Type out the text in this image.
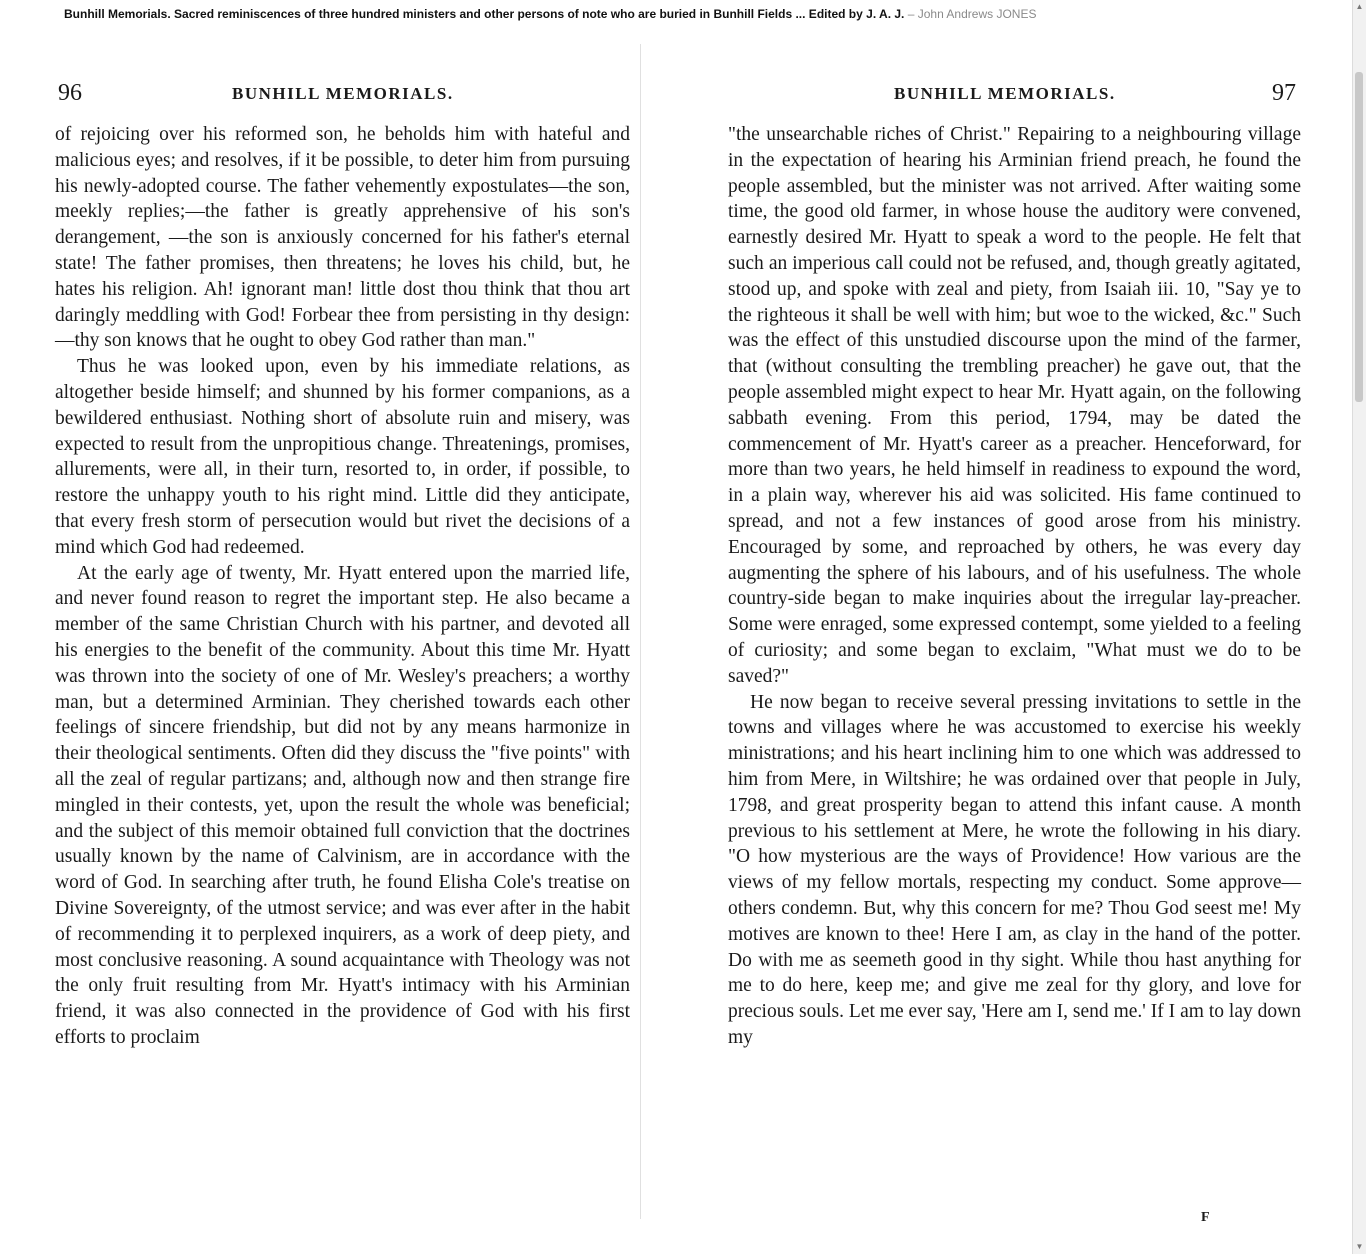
Bunhill Memorials. Sacred reminiscences of three hundred ministers and other persons of note who are buried in Bunhill Fields ... Edited by J. A. J. – John Andrews JONES
▲
▼
96	BUNHILL MEMORIALS.

of rejoicing over his reformed son, he beholds him with hateful and malicious eyes; and resolves, if it be possible, to deter him from pursuing his newly-adopted course. The father vehemently expostulates—the son, meekly replies;—the father is greatly apprehensive of his son's derangement, —the son is anxiously concerned for his father's eternal state! The father promises, then threatens; he loves his child, but, he hates his religion. Ah! ignorant man! little dost thou think that thou art daringly meddling with God! Forbear thee from persisting in thy design:—thy son knows that he ought to obey God rather than man."

Thus he was looked upon, even by his immediate relations, as altogether beside himself; and shunned by his former companions, as a bewildered enthusiast. Nothing short of absolute ruin and misery, was expected to result from the unpropitious change. Threatenings, promises, allurements, were all, in their turn, resorted to, in order, if possible, to restore the unhappy youth to his right mind. Little did they anticipate, that every fresh storm of persecution would but rivet the decisions of a mind which God had redeemed.

At the early age of twenty, Mr. Hyatt entered upon the married life, and never found reason to regret the important step. He also became a member of the same Christian Church with his partner, and devoted all his energies to the benefit of the community. About this time Mr. Hyatt was thrown into the society of one of Mr. Wesley's preachers; a worthy man, but a determined Arminian. They cherished towards each other feelings of sincere friendship, but did not by any means harmonize in their theological sentiments. Often did they discuss the "five points" with all the zeal of regular partizans; and, although now and then strange fire mingled in their contests, yet, upon the result the whole was beneficial; and the subject of this memoir obtained full conviction that the doctrines usually known by the name of Calvinism, are in accordance with the word of God. In searching after truth, he found Elisha Cole's treatise on Divine Sovereignty, of the utmost service; and was ever after in the habit of recommending it to perplexed inquirers, as a work of deep piety, and most conclusive reasoning. A sound acquaintance with Theology was not the only fruit resulting from Mr. Hyatt's intimacy with his Arminian friend, it was also connected in the providence of God with his first efforts to proclaim

BUNHILL MEMORIALS.	97

"the unsearchable riches of Christ." Repairing to a neighbouring village in the expectation of hearing his Arminian friend preach, he found the people assembled, but the minister was not arrived. After waiting some time, the good old farmer, in whose house the auditory were convened, earnestly desired Mr. Hyatt to speak a word to the people. He felt that such an imperious call could not be refused, and, though greatly agitated, stood up, and spoke with zeal and piety, from Isaiah iii. 10, "Say ye to the righteous it shall be well with him; but woe to the wicked, &c." Such was the effect of this unstudied discourse upon the mind of the farmer, that (without consulting the trembling preacher) he gave out, that the people assembled might expect to hear Mr. Hyatt again, on the following sabbath evening. From this period, 1794, may be dated the commencement of Mr. Hyatt's career as a preacher. Henceforward, for more than two years, he held himself in readiness to expound the word, in a plain way, wherever his aid was solicited. His fame continued to spread, and not a few instances of good arose from his ministry. Encouraged by some, and reproached by others, he was every day augmenting the sphere of his labours, and of his usefulness. The whole country-side began to make inquiries about the irregular lay-preacher. Some were enraged, some expressed contempt, some yielded to a feeling of curiosity; and some began to exclaim, "What must we do to be saved?"

He now began to receive several pressing invitations to settle in the towns and villages where he was accustomed to exercise his weekly ministrations; and his heart inclining him to one which was addressed to him from Mere, in Wiltshire; he was ordained over that people in July, 1798, and great prosperity began to attend this infant cause. A month previous to his settlement at Mere, he wrote the following in his diary. "O how mysterious are the ways of Providence! How various are the views of my fellow mortals, respecting my conduct. Some approve—others condemn. But, why this concern for me? Thou God seest me! My motives are known to thee! Here I am, as clay in the hand of the potter. Do with me as seemeth good in thy sight. While thou hast anything for me to do here, keep me; and give me zeal for thy glory, and love for precious souls. Let me ever say, 'Here am I, send me.' If I am to lay down my

F
